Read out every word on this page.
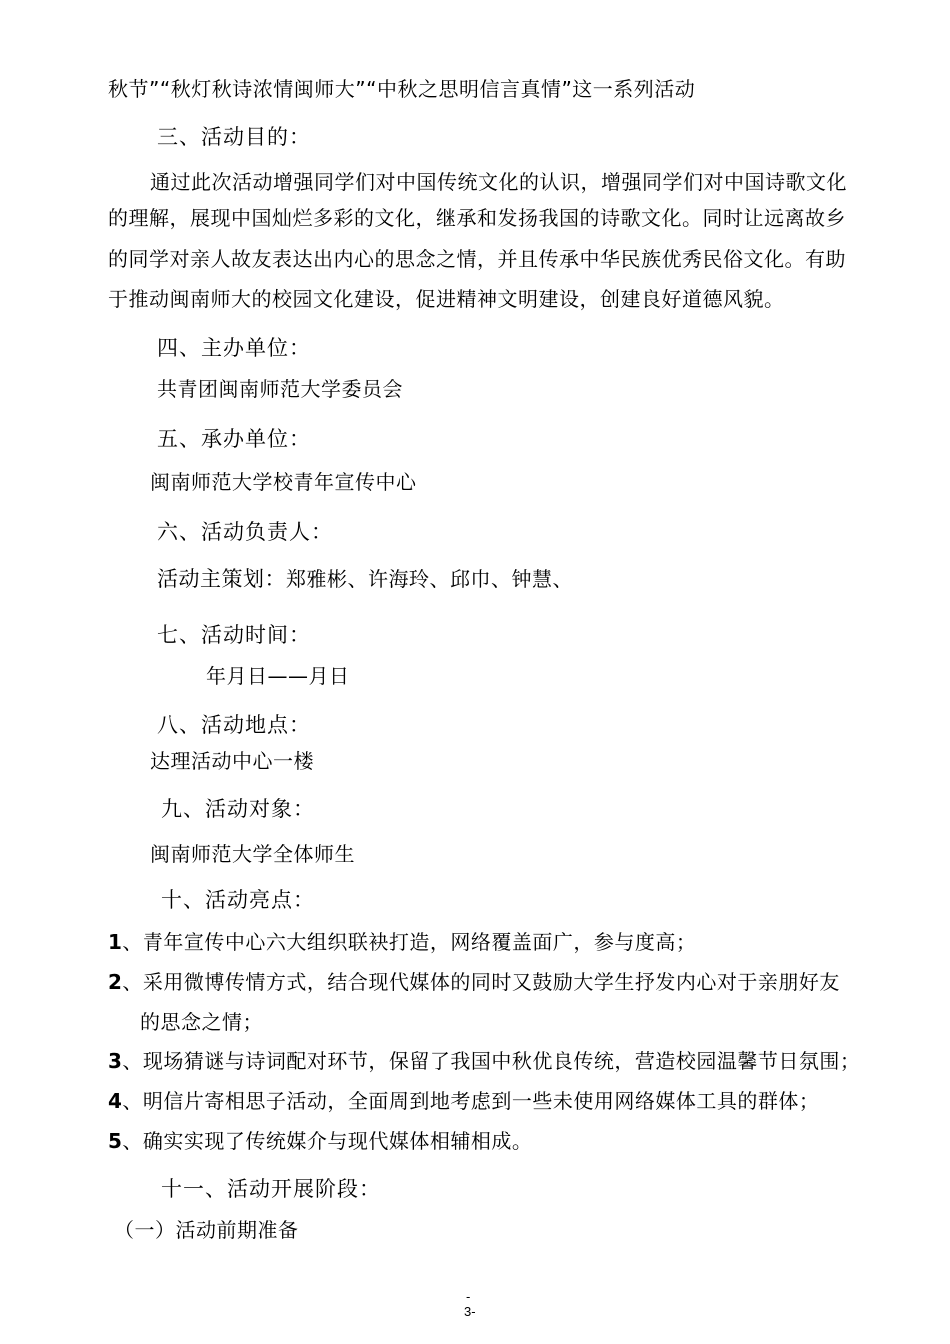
秋节”“秋灯秋诗浓情闽师大”“中秋之思明信言真情”这一系列活动
三、活动目的：
通过此次活动增强同学们对中国传统文化的认识，增强同学们对中国诗歌文化
的理解，展现中国灿烂多彩的文化，继承和发扬我国的诗歌文化。同时让远离故乡
的同学对亲人故友表达出内心的思念之情，并且传承中华民族优秀民俗文化。有助
于推动闽南师大的校园文化建设，促进精神文明建设，创建良好道德风貌。
四、主办单位：
共青团闽南师范大学委员会
五、承办单位：
闽南师范大学校青年宣传中心
六、活动负责人：
活动主策划：郑雅彬、许海玲、邱巾、钟慧、
七、活动时间：
年月日——月日
八、活动地点：
达理活动中心一楼
九、活动对象：
闽南师范大学全体师生
十、活动亮点：
1、青年宣传中心六大组织联袂打造，网络覆盖面广，参与度高；
2、采用微博传情方式，结合现代媒体的同时又鼓励大学生抒发内心对于亲朋好友
的思念之情；
3、现场猜谜与诗词配对环节，保留了我国中秋优良传统，营造校园温馨节日氛围；
4、明信片寄相思子活动，全面周到地考虑到一些未使用网络媒体工具的群体；
5、确实实现了传统媒介与现代媒体相辅相成。
十一、活动开展阶段：
（一）活动前期准备
-
3-
